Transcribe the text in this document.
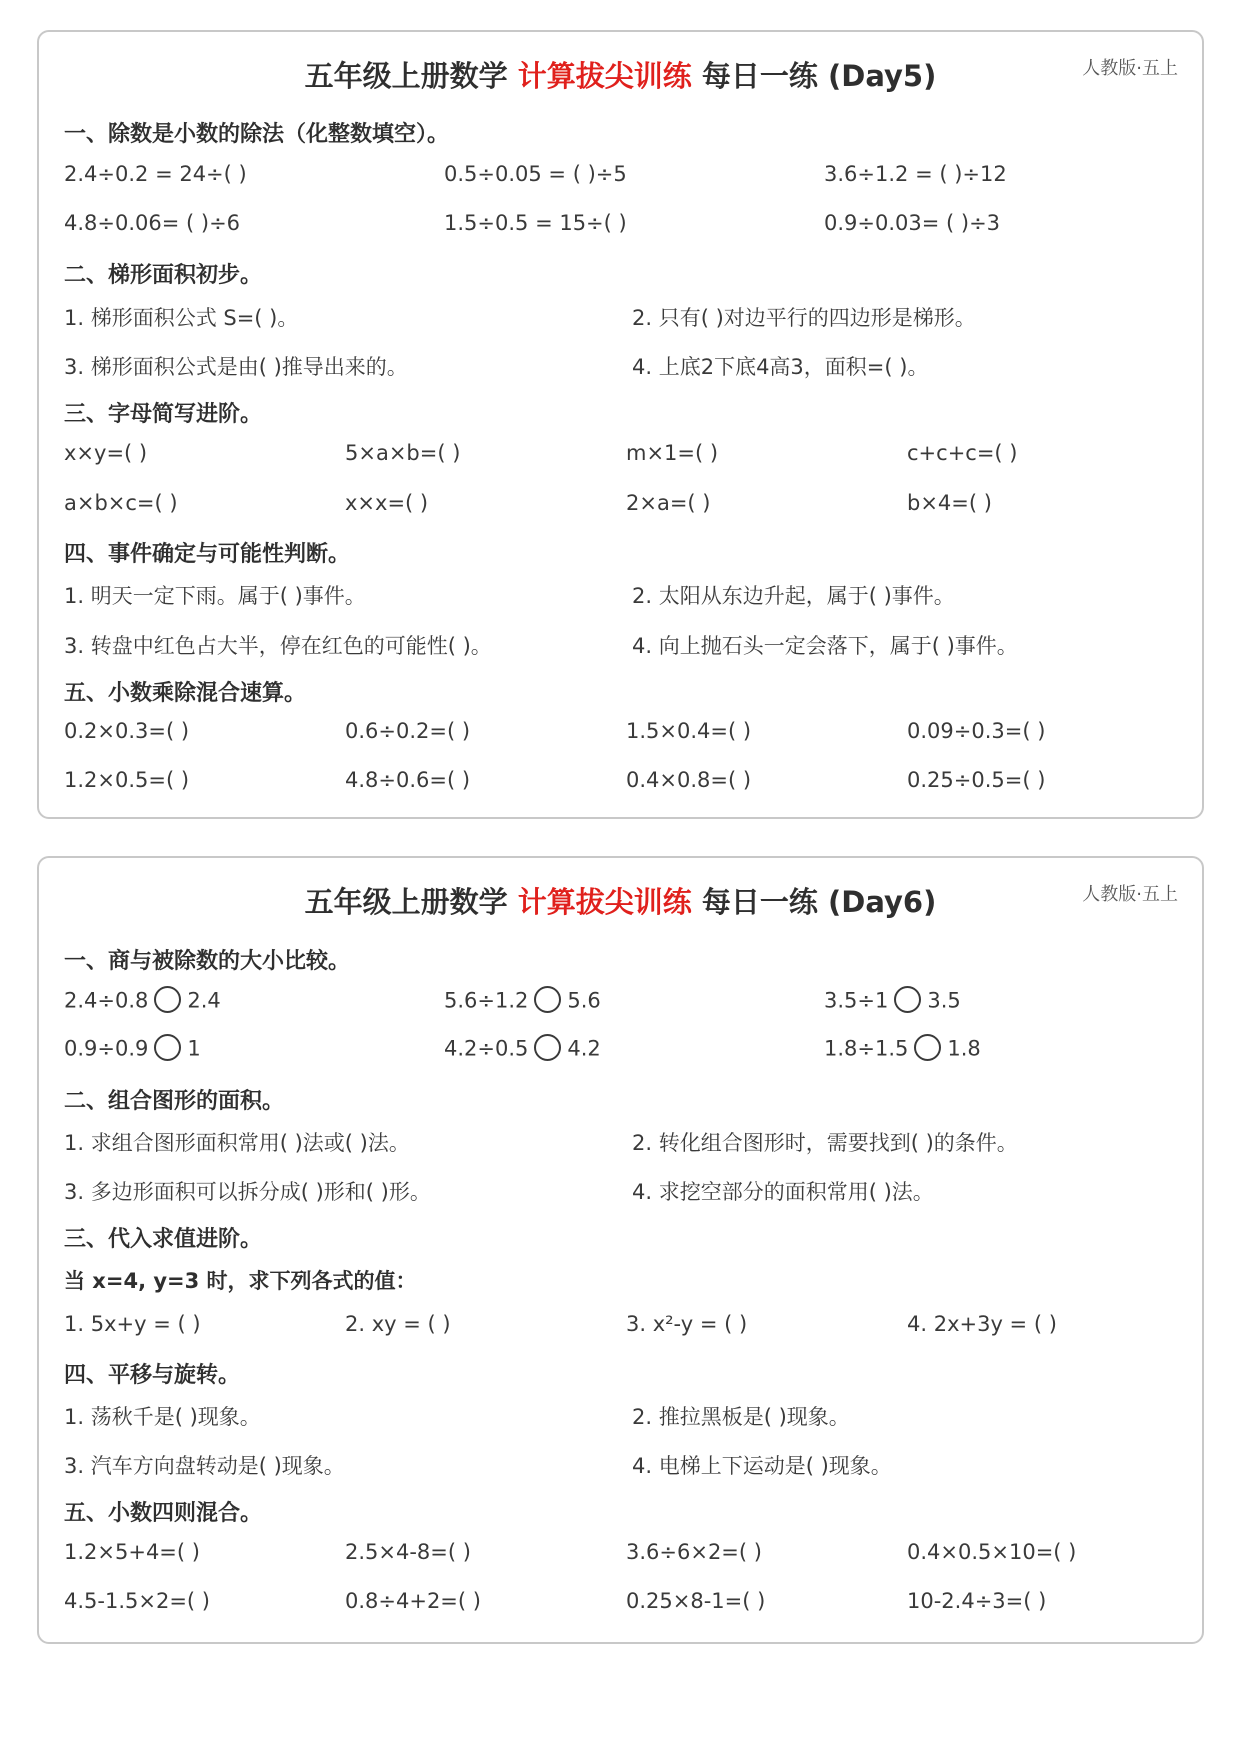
五年级上册数学 计算拔尖训练 每日一练 (Day5)	人教版·五上
一、除数是小数的除法（化整数填空）。
2.4÷0.2 = 24÷( )	0.5÷0.05 = ( )÷5	3.6÷1.2 = ( )÷12
4.8÷0.06= ( )÷6	1.5÷0.5 = 15÷( )	0.9÷0.03= ( )÷3
二、梯形面积初步。
1. 梯形面积公式 S=( )。	2. 只有( )对边平行的四边形是梯形。
3. 梯形面积公式是由( )推导出来的。	4. 上底2下底4高3，面积=( )。
三、字母简写进阶。
x×y=( )	5×a×b=( )	m×1=( )	c+c+c=( )
a×b×c=( )	x×x=( )	2×a=( )	b×4=( )
四、事件确定与可能性判断。
1. 明天一定下雨。属于( )事件。	2. 太阳从东边升起，属于( )事件。
3. 转盘中红色占大半，停在红色的可能性( )。	4. 向上抛石头一定会落下，属于( )事件。
五、小数乘除混合速算。
0.2×0.3=( )	0.6÷0.2=( )	1.5×0.4=( )	0.09÷0.3=( )
1.2×0.5=( )	4.8÷0.6=( )	0.4×0.8=( )	0.25÷0.5=( )
五年级上册数学 计算拔尖训练 每日一练 (Day6)	人教版·五上
一、商与被除数的大小比较。
2.4÷0.8 2.4	5.6÷1.2 5.6	3.5÷1 3.5
0.9÷0.9 1	4.2÷0.5 4.2	1.8÷1.5 1.8
二、组合图形的面积。
1. 求组合图形面积常用( )法或( )法。	2. 转化组合图形时，需要找到( )的条件。
3. 多边形面积可以拆分成( )形和( )形。	4. 求挖空部分的面积常用( )法。
三、代入求值进阶。
当 x=4, y=3 时，求下列各式的值：
1. 5x+y = ( )	2. xy = ( )	3. x²-y = ( )	4. 2x+3y = ( )
四、平移与旋转。
1. 荡秋千是( )现象。	2. 推拉黑板是( )现象。
3. 汽车方向盘转动是( )现象。	4. 电梯上下运动是( )现象。
五、小数四则混合。
1.2×5+4=( )	2.5×4-8=( )	3.6÷6×2=( )	0.4×0.5×10=( )
4.5-1.5×2=( )	0.8÷4+2=( )	0.25×8-1=( )	10-2.4÷3=( )
